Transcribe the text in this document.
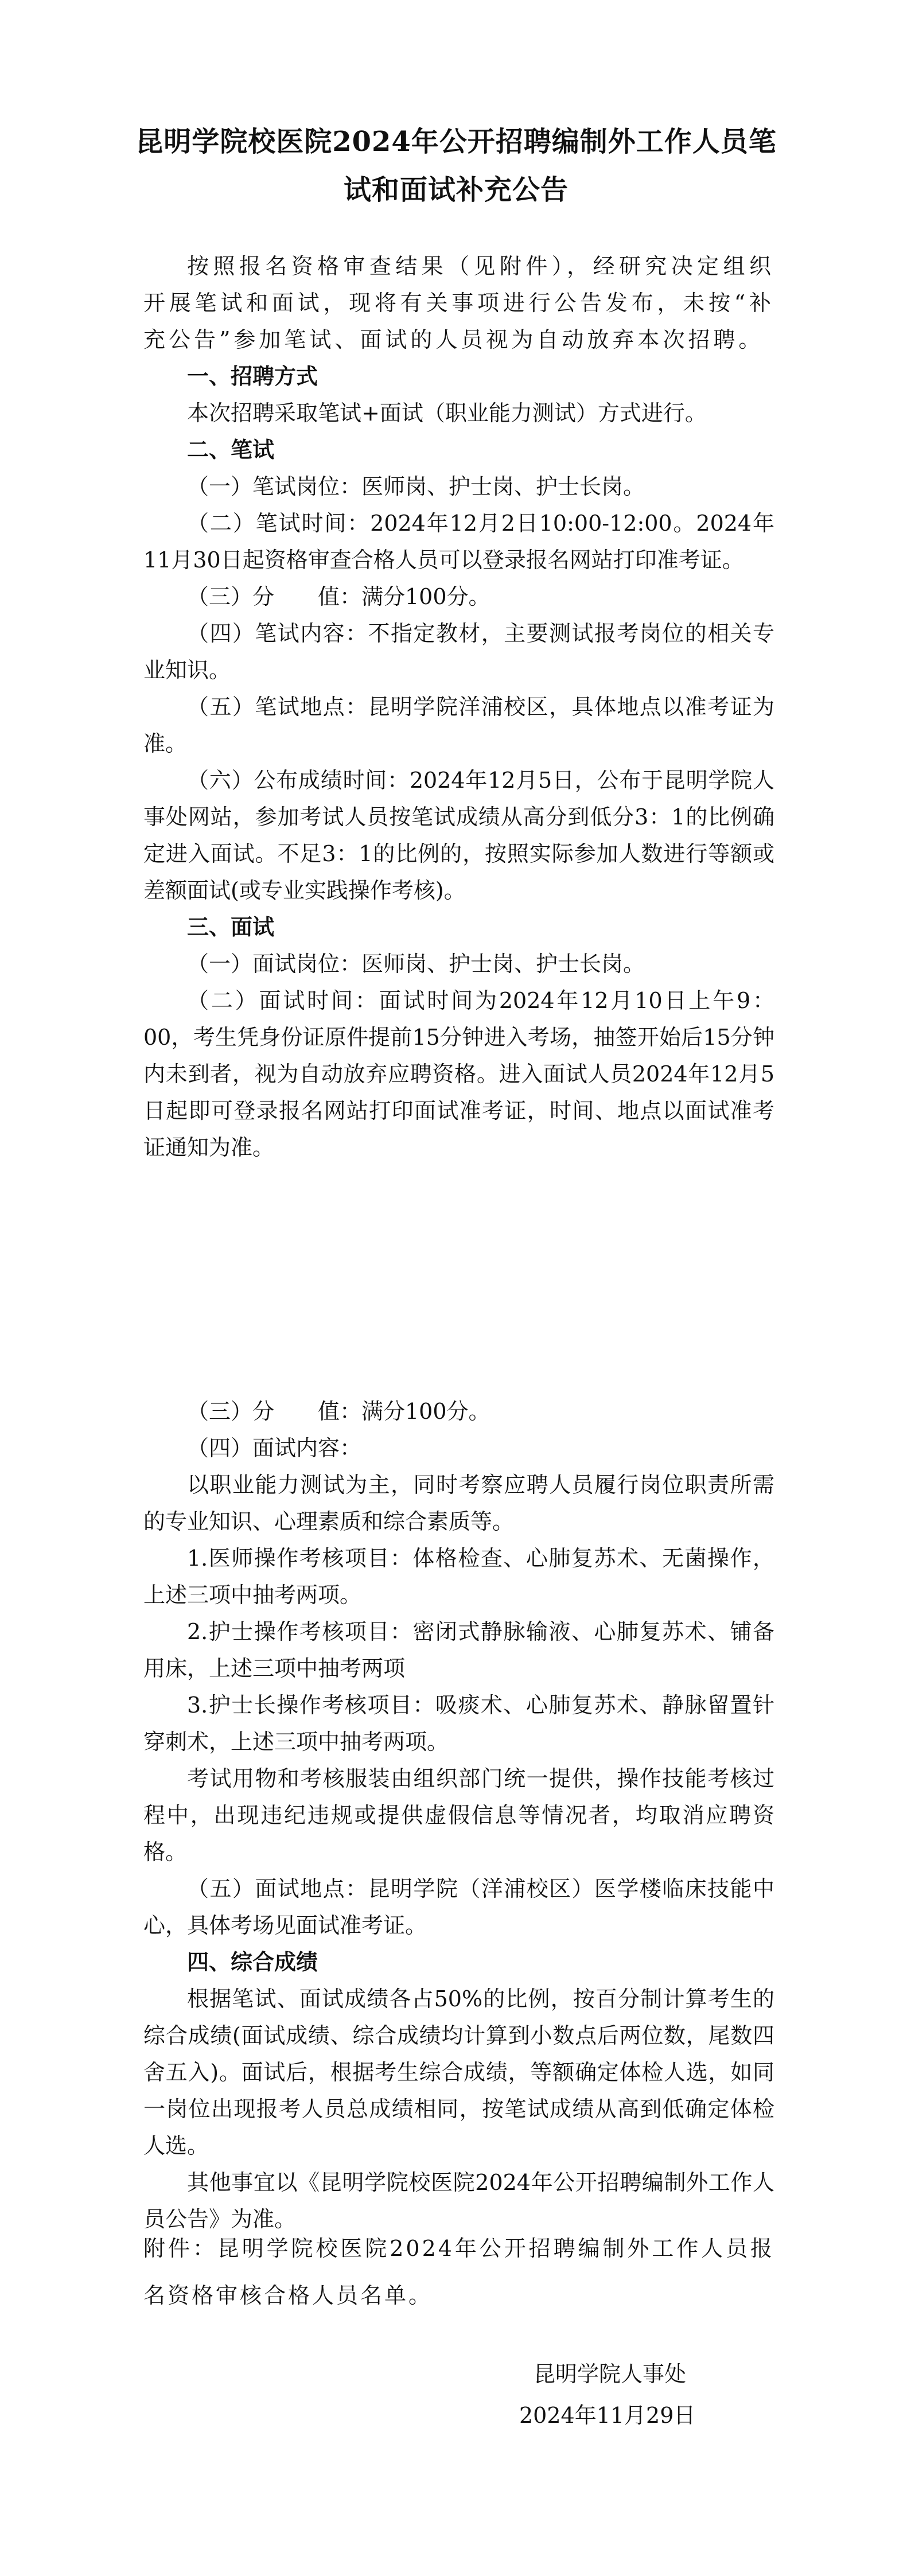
昆明学院校医院2024年公开招聘编制外工作人员笔
试和面试补充公告
按照报名资格审查结果（见附件），经研究决定组织开展笔试和面试，现将有关事项进行公告发布，未按“补充公告”参加笔试、面试的人员视为自动放弃本次招聘。
一、招聘方式
本次招聘采取笔试+面试（职业能力测试）方式进行。
二、笔试
（一）笔试岗位：医师岗、护士岗、护士长岗。
（二）笔试时间：2024年12月2日10:00-12:00。2024年11月30日起资格审查合格人员可以登录报名网站打印准考证。
（三）分　　值：满分100分。
（四）笔试内容：不指定教材，主要测试报考岗位的相关专业知识。
（五）笔试地点：昆明学院洋浦校区，具体地点以准考证为准。
（六）公布成绩时间：2024年12月5日，公布于昆明学院人事处网站，参加考试人员按笔试成绩从高分到低分3：1的比例确定进入面试。不足3：1的比例的，按照实际参加人数进行等额或差额面试(或专业实践操作考核)。
三、面试
（一）面试岗位：医师岗、护士岗、护士长岗。
（二）面试时间：面试时间为2024年12月10日上午9：00，考生凭身份证原件提前15分钟进入考场，抽签开始后15分钟内未到者，视为自动放弃应聘资格。进入面试人员2024年12月5日起即可登录报名网站打印面试准考证，时间、地点以面试准考证通知为准。
（三）分　　值：满分100分。
（四）面试内容：
以职业能力测试为主，同时考察应聘人员履行岗位职责所需的专业知识、心理素质和综合素质等。
1.医师操作考核项目：体格检查、心肺复苏术、无菌操作，上述三项中抽考两项。
2.护士操作考核项目：密闭式静脉输液、心肺复苏术、铺备用床，上述三项中抽考两项
3.护士长操作考核项目：吸痰术、心肺复苏术、静脉留置针穿刺术，上述三项中抽考两项。
考试用物和考核服装由组织部门统一提供，操作技能考核过程中，出现违纪违规或提供虚假信息等情况者，均取消应聘资格。
（五）面试地点：昆明学院（洋浦校区）医学楼临床技能中心，具体考场见面试准考证。
四、综合成绩
根据笔试、面试成绩各占50%的比例，按百分制计算考生的综合成绩(面试成绩、综合成绩均计算到小数点后两位数，尾数四舍五入)。面试后，根据考生综合成绩，等额确定体检人选，如同一岗位出现报考人员总成绩相同，按笔试成绩从高到低确定体检人选。
其他事宜以《昆明学院校医院2024年公开招聘编制外工作人员公告》为准。
附件：昆明学院校医院2024年公开招聘编制外工作人员报名资格审核合格人员名单。
昆明学院人事处
2024年11月29日
